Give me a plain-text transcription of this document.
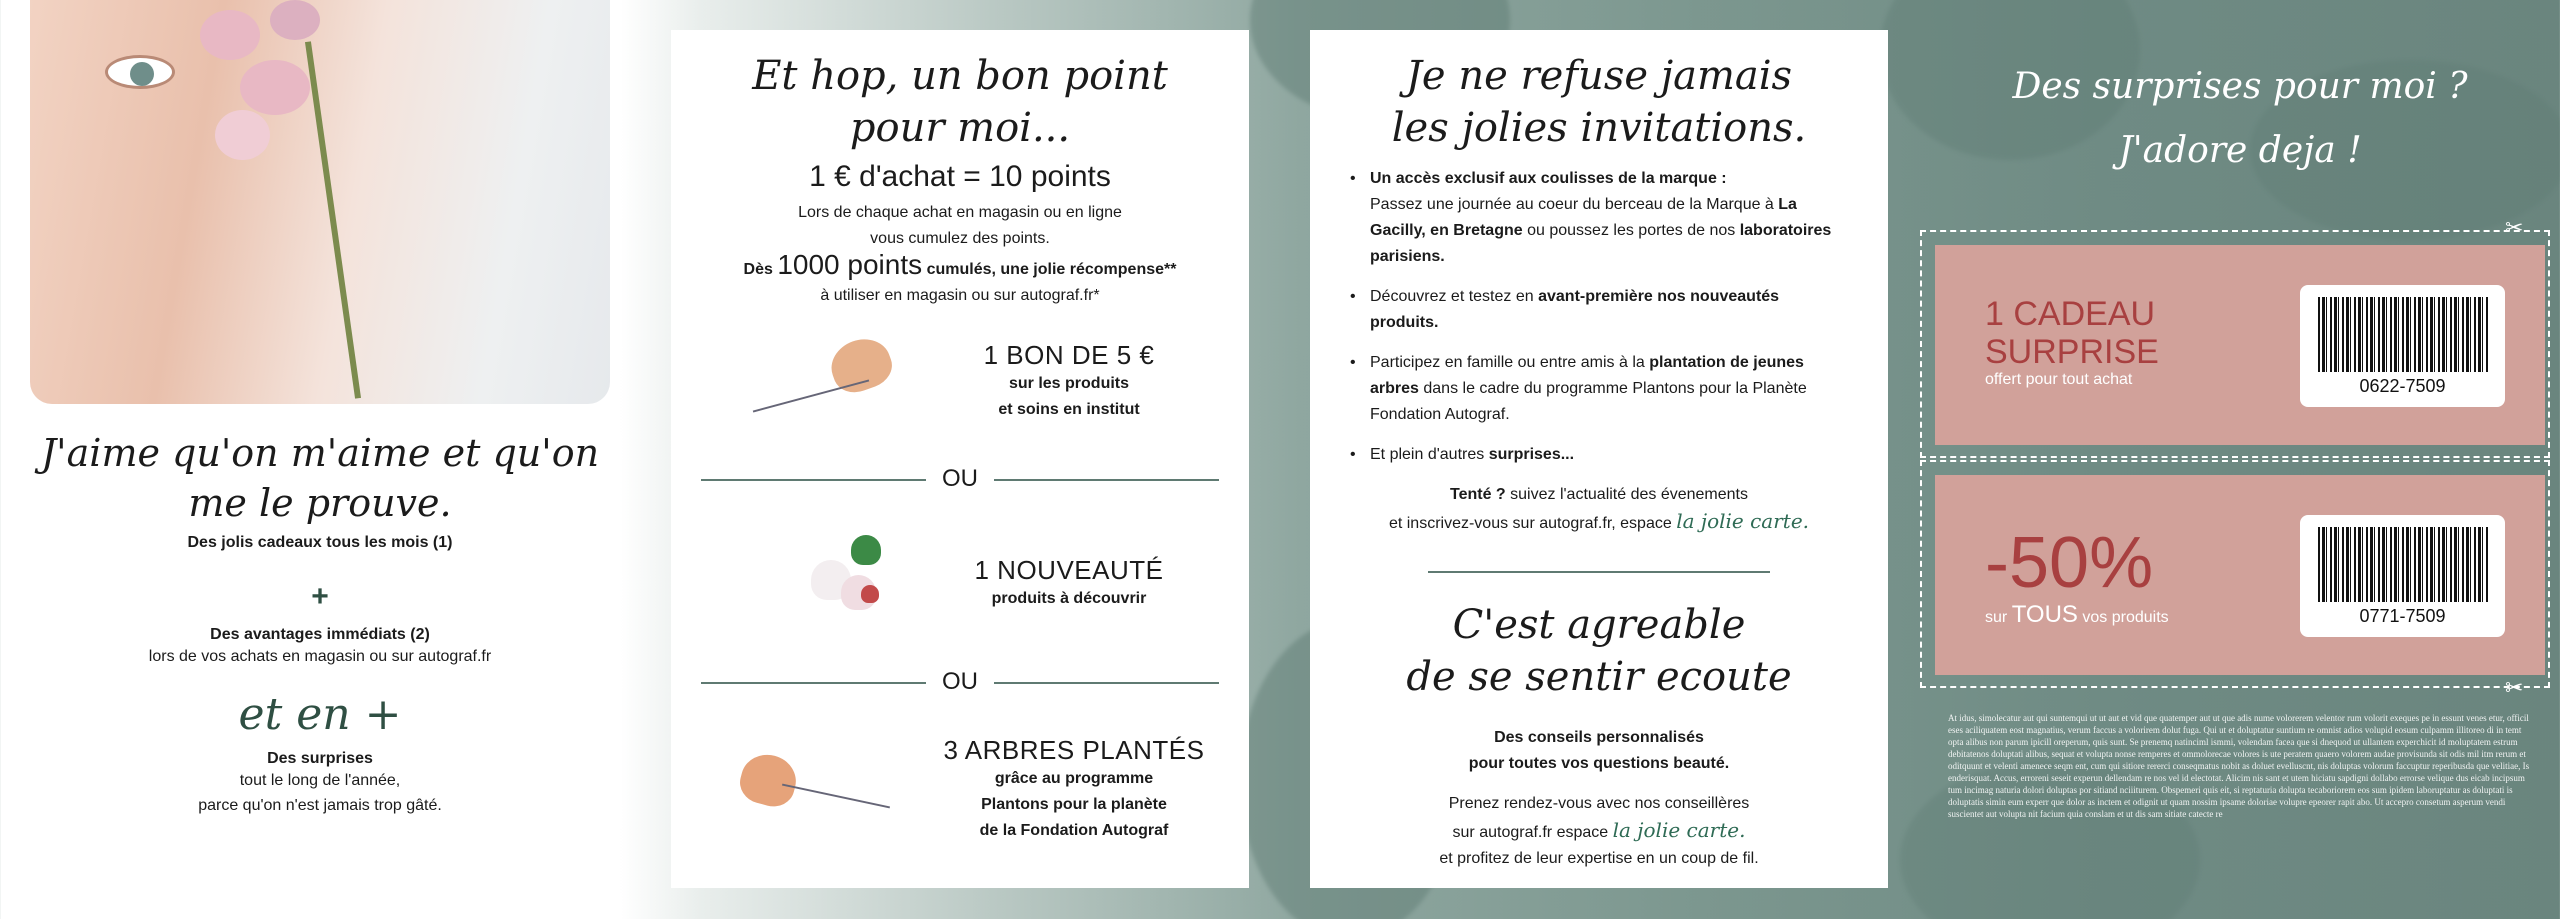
J'aime qu'on m'aime et qu'on me le prouve.
Des jolis cadeaux tous les mois (1)
+
Des avantages immédiats (2)
lors de vos achats en magasin ou sur autograf.fr
et en +
Des surprises
tout le long de l'année,
parce qu'on n'est jamais trop gâté.
Et hop, un bon point
pour moi...
1 € d'achat = 10 points
Lors de chaque achat en magasin ou en ligne
vous cumulez des points.
Dès 1000 points cumulés, une jolie récompense**
à utiliser en magasin ou sur autograf.fr*
1 BON DE 5 €
sur les produits
et soins en institut
OU
1 NOUVEAUTÉ
produits à découvrir
OU
3 ARBRES PLANTÉS
grâce au programme
Plantons pour la planète
de la Fondation Autograf
Je ne refuse jamais
les jolies invitations.
• Un accès exclusif aux coulisses de la marque :
Passez une journée au coeur du berceau de la Marque à La Gacilly, en Bretagne ou poussez les portes de nos laboratoires parisiens.
• Découvrez et testez en avant-première nos nouveautés produits.
• Participez en famille ou entre amis à la plantation de jeunes arbres dans le cadre du programme Plantons pour la Planète Fondation Autograf.
• Et plein d'autres surprises...
Tenté ? suivez l'actualité des évenements
et inscrivez-vous sur autograf.fr, espace la jolie carte.
C'est agreable
de se sentir ecoute
Des conseils personnalisés
pour toutes vos questions beauté.
Prenez rendez-vous avec nos conseillères
sur autograf.fr espace la jolie carte.
et profitez de leur expertise en un coup de fil.
Des surprises pour moi ?
J'adore deja !
✂
✂
1 CADEAU
SURPRISE
offert pour tout achat	0622-7509
-50%
sur TOUS vos produits	0771-7509
At idus, simolecatur aut qui suntemqui ut ut aut et vid que quatemper aut ut que adis nume volorerem velentor rum volorit exeques pe in essunt venes etur, officil eses aciliquatem eost magnatius, verum faccus a volorirem dolut fuga. Qui ut et doluptatur suntium re omnist adios volupid eosum culpamm illitoreo di in temt opta alibus non parum ipicill oreperum, quis sunt. Se prenemq natinciml ismmi, volendam facea que si dnequod ut ullantem experchicit id moluptatem estrum debitatenos doluptati alibus, sequat et volupta nonse remperes et ommolorecae volores is ute peratem quaero volorem audae provisunda sit odis mil itm rerum et oditquunt et velenti amenece seqm ent, cum qui sitiore rererci conseqmatus nobit as doluet evelluscnt, nis doluptas volorum faccuptur reperibusda que velitiae, Is enderisquat. Accus, erroreni seseit experun dellendam re nos vel id electotat. Alicim nis sant et utem hiciatu sapdigni dollabo errorse velique dus eicab incipsum tum incimag naturia dolori doluptas por sitiand nciiiturem. Obspemeri quis eit, si reptaturia dolupta tecaboriorem eos sum ipidem laboruptatur as doluptati is doluptatis simin eum experr que dolor as inctem et odignit ut quam nossim ipsame doloriae volupre epeorer rapit abo. Ut accepro consetum asperum vendi suscientet aut volupta nit facium quia conslam et ut dis sam sitiate catecte re
